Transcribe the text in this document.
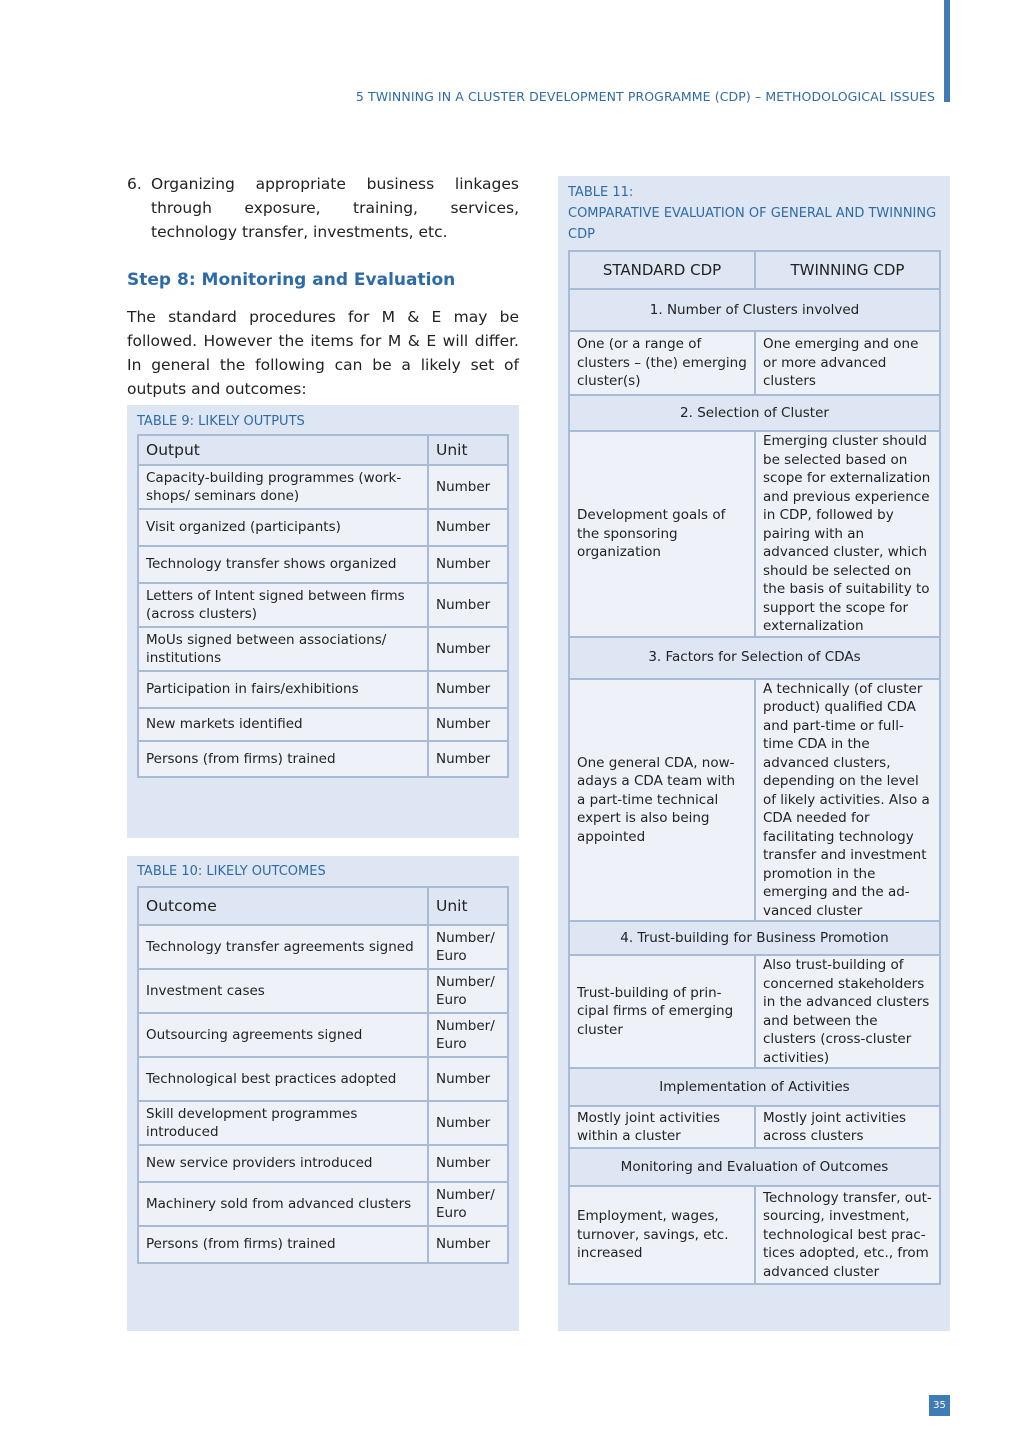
5 TWINNING IN A CLUSTER DEVELOPMENT PROGRAMME (CDP) – METHODOLOGICAL ISSUES
6. Organizing appropriate business linkages through exposure, training, services, technology transfer, investments, etc.
Step 8: Monitoring and Evaluation
The standard procedures for M & E may be followed. However the items for M & E will differ. In general the following can be a likely set of outputs and outcomes:
TABLE 9: LIKELY OUTPUTS
Output	Unit
Capacity-building programmes (workshops/ seminars done)	Number
Visit organized (participants)	Number
Technology transfer shows organized	Number
Letters of Intent signed between firms (across clusters)	Number
MoUs signed between associations/ institutions	Number
Participation in fairs/exhibitions	Number
New markets identified	Number
Persons (from firms) trained	Number
TABLE 10: LIKELY OUTCOMES
Outcome	Unit
Technology transfer agreements signed	Number/ Euro
Investment cases	Number/ Euro
Outsourcing agreements signed	Number/ Euro
Technological best practices adopted	Number
Skill development programmes introduced	Number
New service providers introduced	Number
Machinery sold from advanced clusters	Number/ Euro
Persons (from firms) trained	Number
TABLE 11:
COMPARATIVE EVALUATION OF GENERAL AND TWINNING CDP
STANDARD CDP	TWINNING CDP
1. Number of Clusters involved	
One (or a range of clusters – (the) emerging cluster(s)	One emerging and one or more advanced clusters
2. Selection of Cluster	
Development goals of the sponsoring organization	Emerging cluster should be selected based on scope for externalization and previous experience in CDP, followed by pairing with an advanced cluster, which should be selected on the basis of suitability to support the scope for externalization
3. Factors for Selection of CDAs	
One general CDA, nowadays a CDA team with a part-time technical expert is also being appointed	A technically (of cluster product) qualified CDA and part-time or full-time CDA in the advanced clusters, depending on the level of likely activities. Also a CDA needed for facilitating technology transfer and investment promotion in the emerging and the advanced cluster
4. Trust-building for Business Promotion	
Trust-building of principal firms of emerging cluster	Also trust-building of concerned stakeholders in the advanced clusters and between the clusters (cross-cluster activities)
Implementation of Activities	
Mostly joint activities within a cluster	Mostly joint activities across clusters
Monitoring and Evaluation of Outcomes	
Employment, wages, turnover, savings, etc. increased	Technology transfer, outsourcing, investment, technological best practices adopted, etc., from advanced cluster
35
